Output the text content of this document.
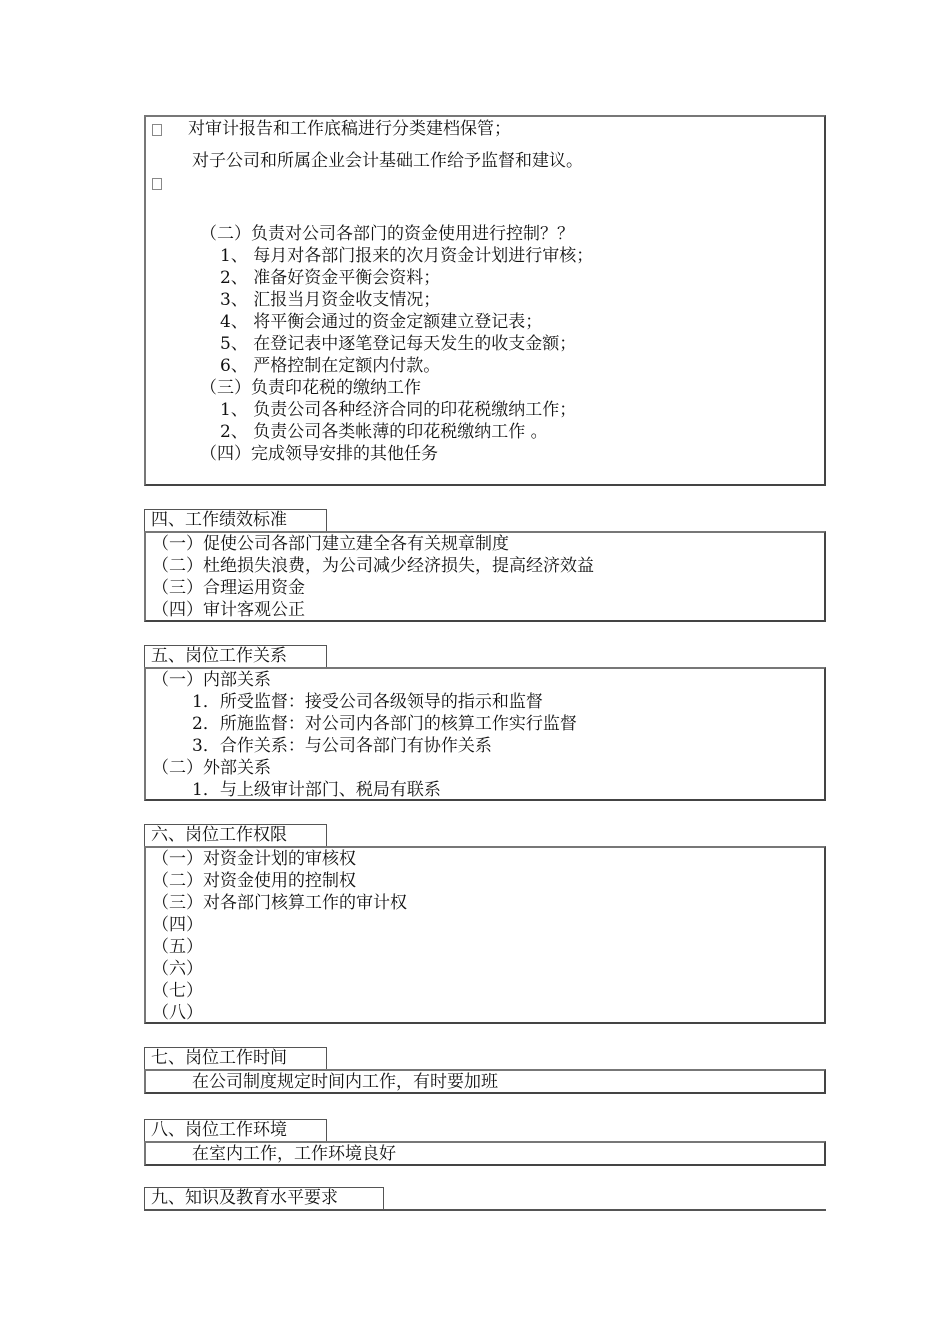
对审计报告和工作底稿进行分类建档保管；
对子公司和所属企业会计基础工作给予监督和建议。
（二）负责对公司各部门的资金使用进行控制？？
1、 每月对各部门报来的次月资金计划进行审核；
2、 准备好资金平衡会资料；
3、 汇报当月资金收支情况；
4、 将平衡会通过的资金定额建立登记表；
5、 在登记表中逐笔登记每天发生的收支金额；
6、 严格控制在定额内付款。
（三）负责印花税的缴纳工作
1、 负责公司各种经济合同的印花税缴纳工作；
2、 负责公司各类帐薄的印花税缴纳工作 。
（四）完成领导安排的其他任务
四、工作绩效标准
（一）促使公司各部门建立建全各有关规章制度
（二）杜绝损失浪费，为公司减少经济损失，提高经济效益
（三）合理运用资金
（四）审计客观公正
五、岗位工作关系
（一）内部关系
1．所受监督：接受公司各级领导的指示和监督
2．所施监督：对公司内各部门的核算工作实行监督
3．合作关系：与公司各部门有协作关系
（二）外部关系
1．与上级审计部门、税局有联系
六、岗位工作权限
（一）对资金计划的审核权
（二）对资金使用的控制权
（三）对各部门核算工作的审计权
（四）
（五）
（六）
（七）
（八）
七、岗位工作时间
在公司制度规定时间内工作，有时要加班
八、岗位工作环境
在室内工作，工作环境良好
九、知识及教育水平要求
